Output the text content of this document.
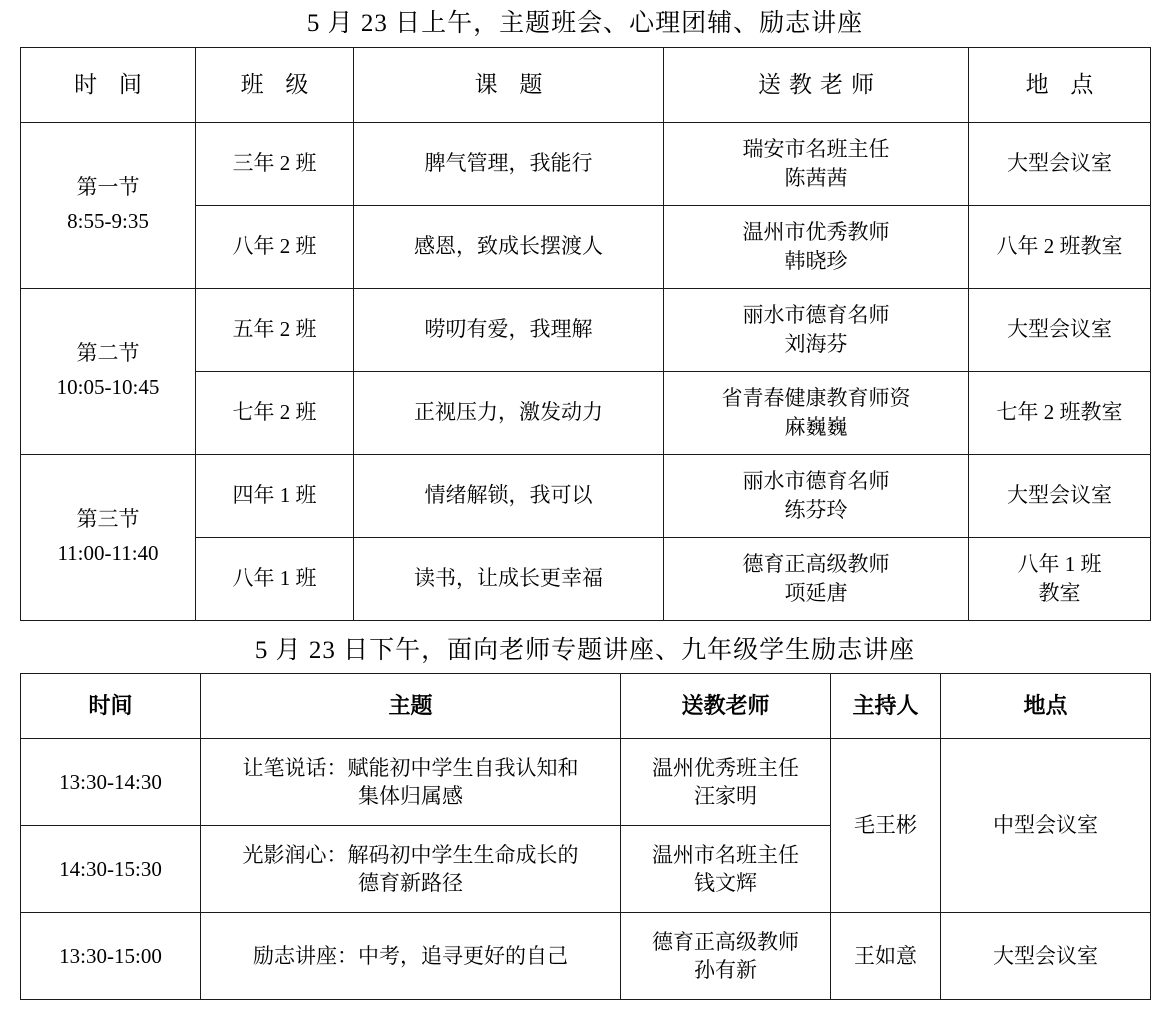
5 月 23 日上午，主题班会、心理团辅、励志讲座
时 间	班 级	课 题	送教老师	地 点

第一节
8:55-9:35	三年 2 班	脾气管理，我能行	瑞安市名班主任
陈茜茜	大型会议室
	八年 2 班	感恩，致成长摆渡人	温州市优秀教师
韩晓珍	八年 2 班教室

第二节
10:05-10:45	五年 2 班	唠叨有爱，我理解	丽水市德育名师
刘海芬	大型会议室
	七年 2 班	正视压力，激发动力	省青春健康教育师资
麻巍巍	七年 2 班教室

第三节
11:00-11:40	四年 1 班	情绪解锁，我可以	丽水市德育名师
练芬玲	大型会议室
	八年 1 班	读书，让成长更幸福	德育正高级教师
项延唐	八年 1 班
教室
5 月 23 日下午，面向老师专题讲座、九年级学生励志讲座
时间	主题	送教老师	主持人	地点
13:30-14:30	让笔说话：赋能初中学生自我认知和
集体归属感	温州优秀班主任
汪家明	毛王彬	中型会议室
14:30-15:30	光影润心：解码初中学生生命成长的
德育新路径	温州市名班主任
钱文辉		

13:30-15:00	励志讲座：中考，追寻更好的自己	德育正高级教师
孙有新	王如意	大型会议室
